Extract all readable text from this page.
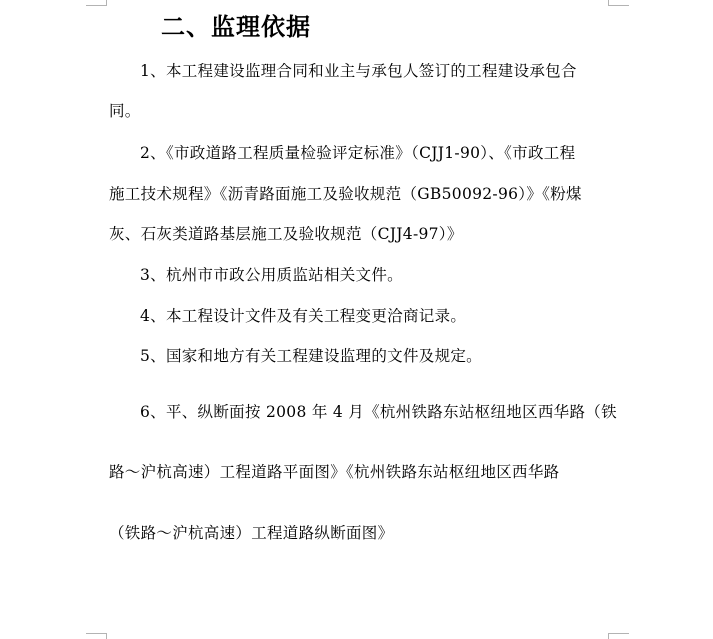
二、监理依据
1、本工程建设监理合同和业主与承包人签订的工程建设承包合
同。
2、《市政道路工程质量检验评定标准》（CJJ1-90）、《市政工程
施工技术规程》《沥青路面施工及验收规范（GB50092-96）》《粉煤
灰、石灰类道路基层施工及验收规范（CJJ4-97）》
3、杭州市市政公用质监站相关文件。
4、本工程设计文件及有关工程变更洽商记录。
5、国家和地方有关工程建设监理的文件及规定。
6、平、纵断面按 2008 年 4 月《杭州铁路东站枢纽地区西华路（铁
路～沪杭高速）工程道路平面图》《杭州铁路东站枢纽地区西华路
（铁路～沪杭高速）工程道路纵断面图》
